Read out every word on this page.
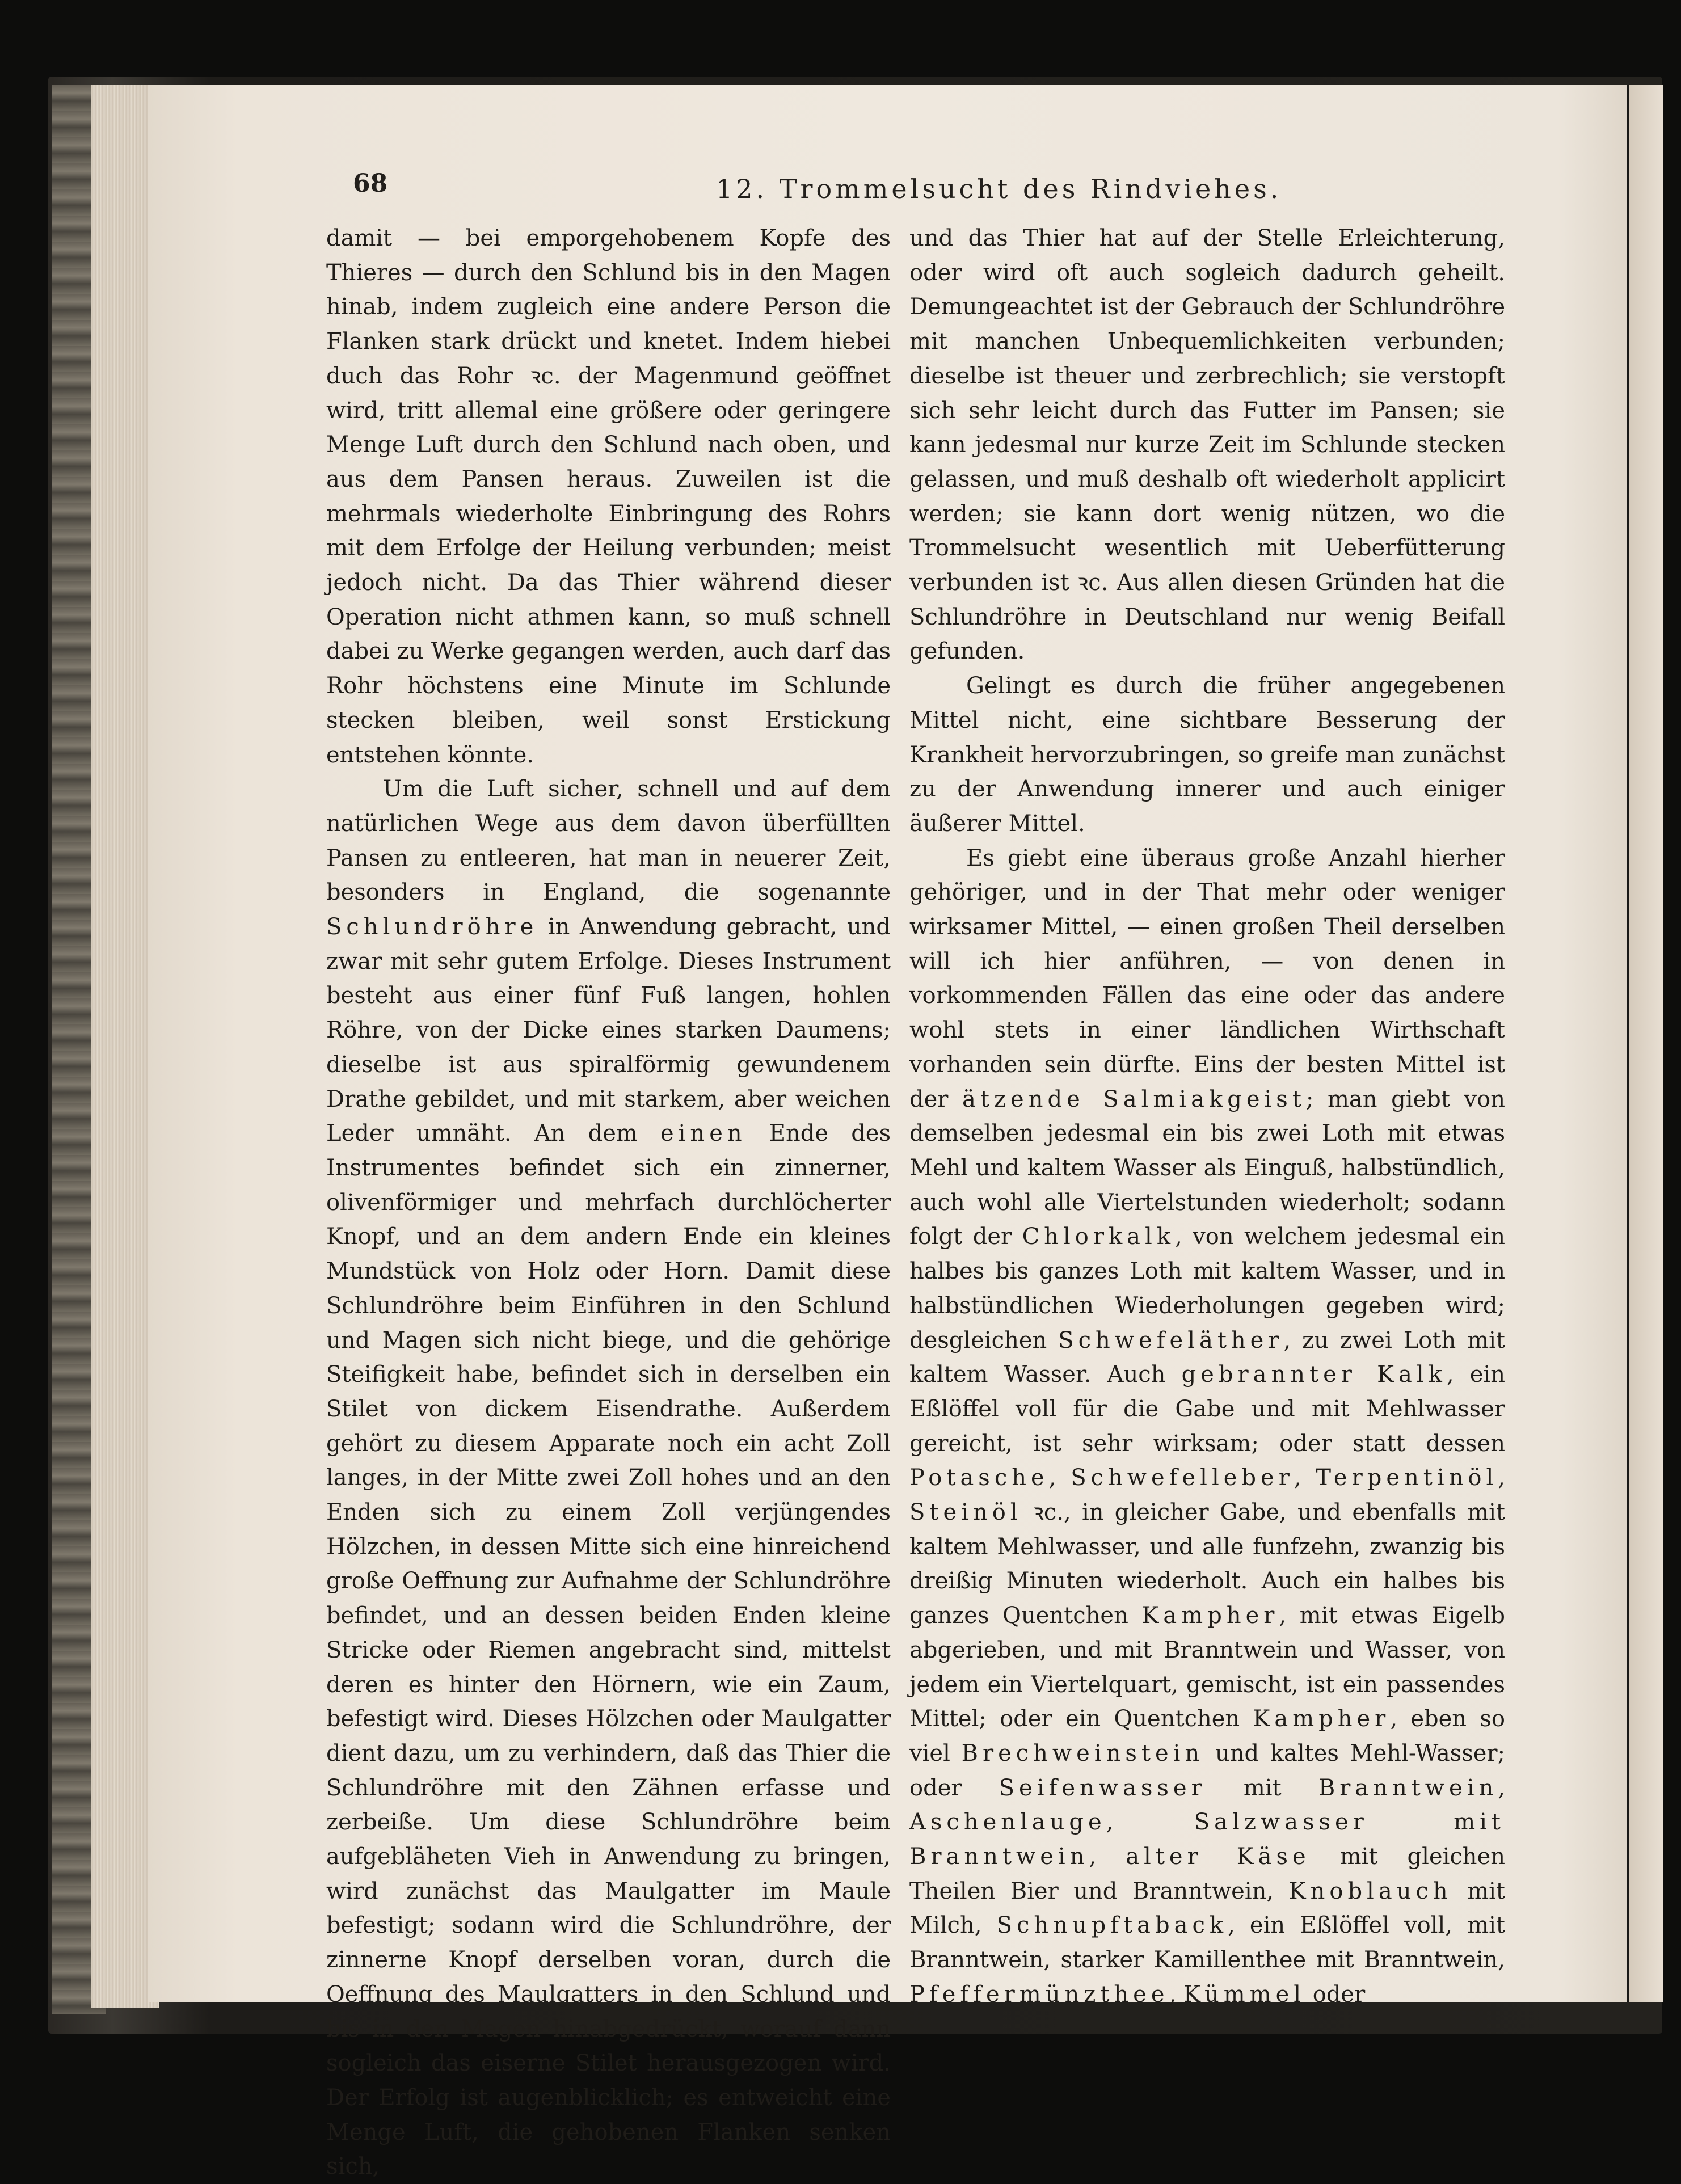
68	12. Trommelsucht des Rindviehes.

damit — bei emporgehobenem Kopfe des Thieres — durch den Schlund bis in den Magen hinab, indem zugleich eine andere Person die Flanken stark drückt und knetet. Indem hiebei duch das Rohr ꝛc. der Magenmund geöffnet wird, tritt allemal eine größere oder geringere Menge Luft durch den Schlund nach oben, und aus dem Pansen heraus. Zuweilen ist die mehrmals wiederholte Einbringung des Rohrs mit dem Erfolge der Heilung verbunden; meist jedoch nicht. Da das Thier während dieser Operation nicht athmen kann, so muß schnell dabei zu Werke gegangen werden, auch darf das Rohr höchstens eine Minute im Schlunde stecken bleiben, weil sonst Erstickung entstehen könnte.

Um die Luft sicher, schnell und auf dem natürlichen Wege aus dem davon überfüllten Pansen zu entleeren, hat man in neuerer Zeit, besonders in England, die sogenannte Schlundröhre in Anwendung gebracht, und zwar mit sehr gutem Erfolge. Dieses Instrument besteht aus einer fünf Fuß langen, hohlen Röhre, von der Dicke eines starken Daumens; dieselbe ist aus spiralförmig gewundenem Drathe gebildet, und mit starkem, aber weichen Leder umnäht. An dem einen Ende des Instrumentes befindet sich ein zinnerner, olivenförmiger und mehrfach durchlöcherter Knopf, und an dem andern Ende ein kleines Mundstück von Holz oder Horn. Damit diese Schlundröhre beim Einführen in den Schlund und Magen sich nicht biege, und die gehörige Steifigkeit habe, befindet sich in derselben ein Stilet von dickem Eisendrathe. Außerdem gehört zu diesem Apparate noch ein acht Zoll langes, in der Mitte zwei Zoll hohes und an den Enden sich zu einem Zoll verjüngendes Hölzchen, in dessen Mitte sich eine hinreichend große Oeffnung zur Aufnahme der Schlundröhre befindet, und an dessen beiden Enden kleine Stricke oder Riemen angebracht sind, mittelst deren es hinter den Hörnern, wie ein Zaum, befestigt wird. Dieses Hölzchen oder Maulgatter dient dazu, um zu verhindern, daß das Thier die Schlundröhre mit den Zähnen erfasse und zerbeiße. Um diese Schlundröhre beim aufgebläheten Vieh in Anwendung zu bringen, wird zunächst das Maulgatter im Maule befestigt; sodann wird die Schlundröhre, der zinnerne Knopf derselben voran, durch die Oeffnung des Maulgatters in den Schlund und bis in den Magen hinabgedrückt, worauf dann sogleich das eiserne Stilet herausgezogen wird. Der Erfolg ist augenblicklich; es entweicht eine Menge Luft, die gehobenen Flanken senken sich,

und das Thier hat auf der Stelle Erleichterung, oder wird oft auch sogleich dadurch geheilt. Demungeachtet ist der Gebrauch der Schlundröhre mit manchen Unbequemlichkeiten verbunden; dieselbe ist theuer und zerbrechlich; sie verstopft sich sehr leicht durch das Futter im Pansen; sie kann jedesmal nur kurze Zeit im Schlunde stecken gelassen, und muß deshalb oft wiederholt applicirt werden; sie kann dort wenig nützen, wo die Trommelsucht wesentlich mit Ueberfütterung verbunden ist ꝛc. Aus allen diesen Gründen hat die Schlundröhre in Deutschland nur wenig Beifall gefunden.

Gelingt es durch die früher angegebenen Mittel nicht, eine sichtbare Besserung der Krankheit hervorzubringen, so greife man zunächst zu der Anwendung innerer und auch einiger äußerer Mittel.

Es giebt eine überaus große Anzahl hierher gehöriger, und in der That mehr oder weniger wirksamer Mittel, — einen großen Theil derselben will ich hier anführen, — von denen in vorkommenden Fällen das eine oder das andere wohl stets in einer ländlichen Wirthschaft vorhanden sein dürfte. Eins der besten Mittel ist der ätzende Salmiakgeist; man giebt von demselben jedesmal ein bis zwei Loth mit etwas Mehl und kaltem Wasser als Einguß, halbstündlich, auch wohl alle Viertelstunden wiederholt; sodann folgt der Chlorkalk, von welchem jedesmal ein halbes bis ganzes Loth mit kaltem Wasser, und in halbstündlichen Wiederholungen gegeben wird; desgleichen Schwefeläther, zu zwei Loth mit kaltem Wasser. Auch gebrannter Kalk, ein Eßlöffel voll für die Gabe und mit Mehlwasser gereicht, ist sehr wirksam; oder statt dessen Potasche, Schwefelleber, Terpentinöl, Steinöl ꝛc., in gleicher Gabe, und ebenfalls mit kaltem Mehlwasser, und alle funfzehn, zwanzig bis dreißig Minuten wiederholt. Auch ein halbes bis ganzes Quentchen Kampher, mit etwas Eigelb abgerieben, und mit Branntwein und Wasser, von jedem ein Viertelquart, gemischt, ist ein passendes Mittel; oder ein Quentchen Kampher, eben so viel Brechweinstein und kaltes Mehl-Wasser; oder Seifenwasser mit Branntwein, Aschenlauge, Salzwasser mit Branntwein, alter Käse mit gleichen Theilen Bier und Branntwein, Knoblauch mit Milch, Schnupftaback, ein Eßlöffel voll, mit Branntwein, starker Kamillenthee mit Branntwein, Pfeffermünzthee, Kümmel oder
